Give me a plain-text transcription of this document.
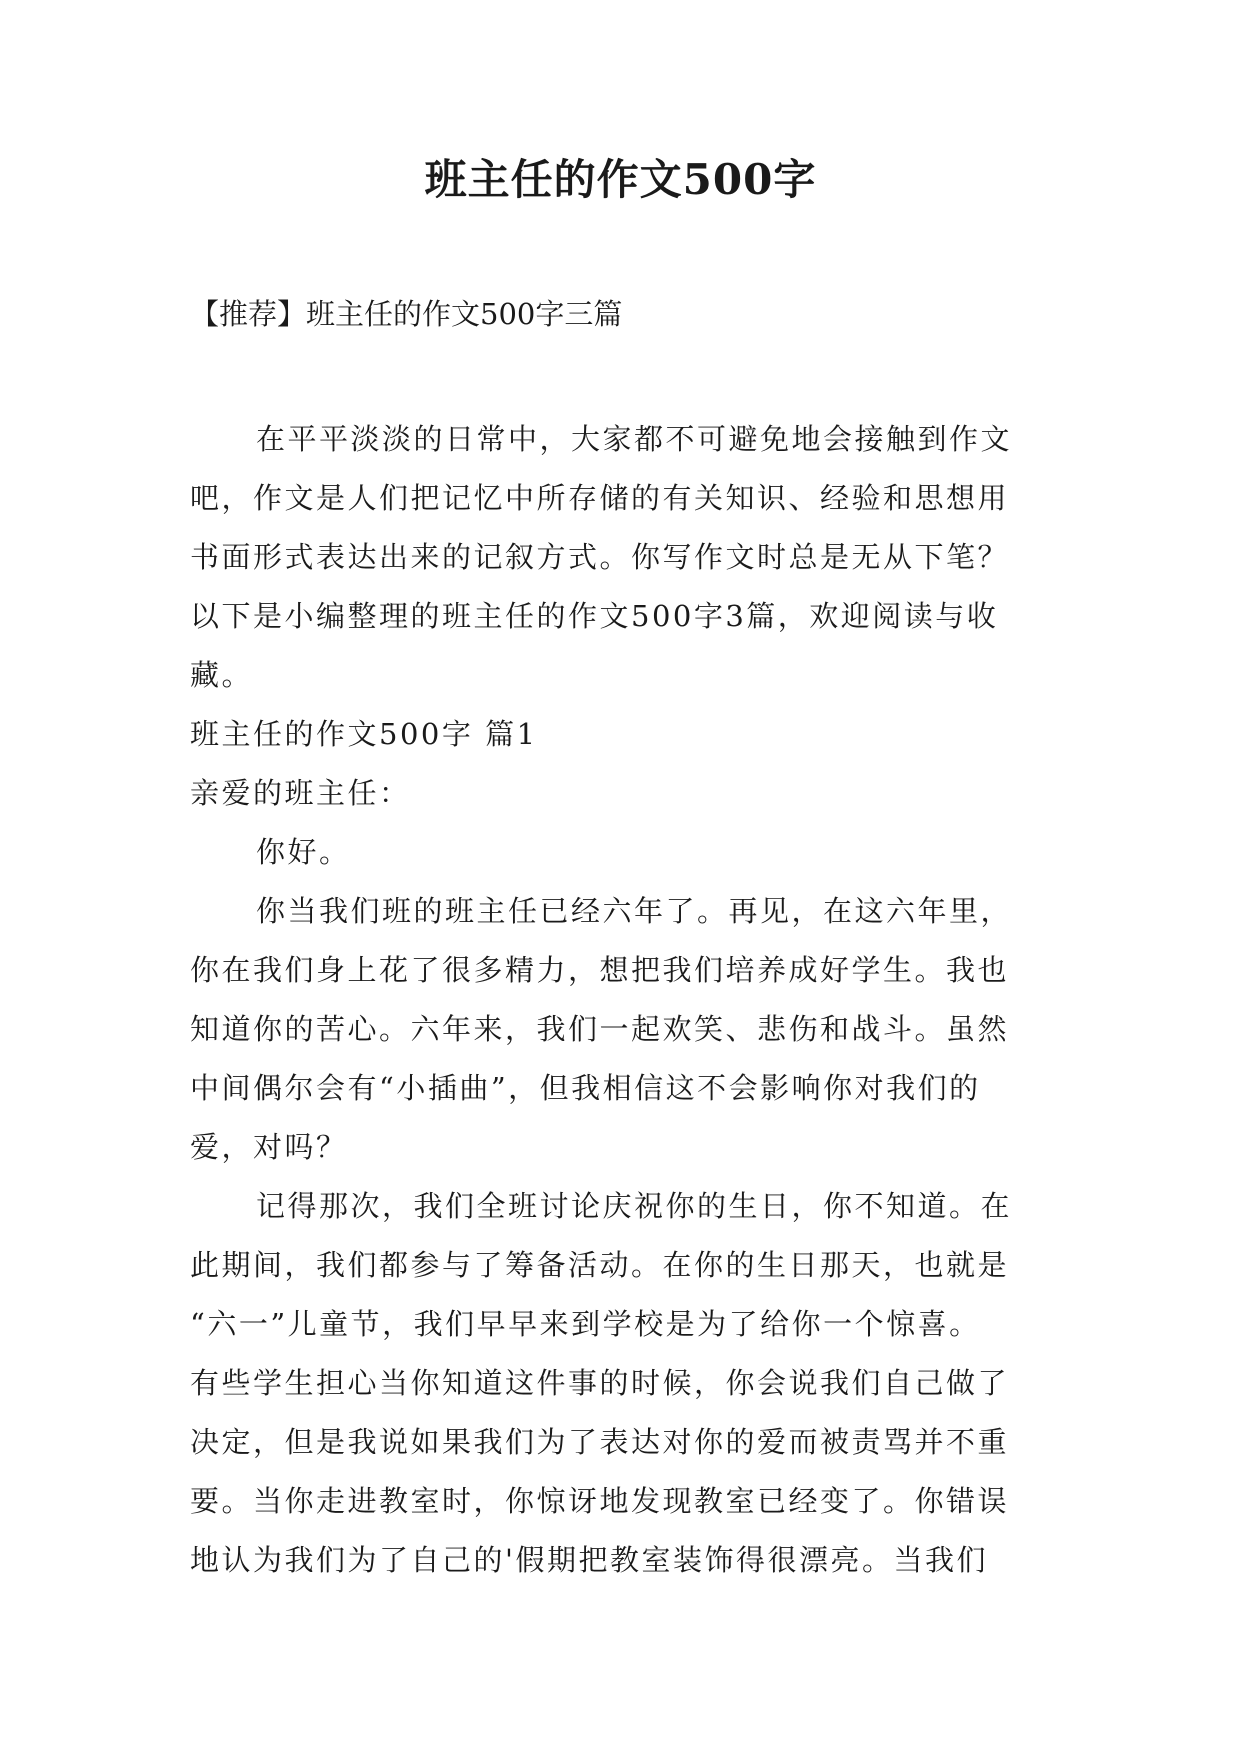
班主任的作文500字
【推荐】班主任的作文500字三篇
在平平淡淡的日常中，大家都不可避免地会接触到作文
吧，作文是人们把记忆中所存储的有关知识、经验和思想用
书面形式表达出来的记叙方式。你写作文时总是无从下笔？
以下是小编整理的班主任的作文500字3篇，欢迎阅读与收
藏。
班主任的作文500字 篇1
亲爱的班主任：
你好。
你当我们班的班主任已经六年了。再见，在这六年里，
你在我们身上花了很多精力，想把我们培养成好学生。我也
知道你的苦心。六年来，我们一起欢笑、悲伤和战斗。虽然
中间偶尔会有“小插曲”，但我相信这不会影响你对我们的
爱，对吗？
记得那次，我们全班讨论庆祝你的生日，你不知道。在
此期间，我们都参与了筹备活动。在你的生日那天，也就是
“六一”儿童节，我们早早来到学校是为了给你一个惊喜。
有些学生担心当你知道这件事的时候，你会说我们自己做了
决定，但是我说如果我们为了表达对你的爱而被责骂并不重
要。当你走进教室时，你惊讶地发现教室已经变了。你错误
地认为我们为了自己的'假期把教室装饰得很漂亮。当我们
